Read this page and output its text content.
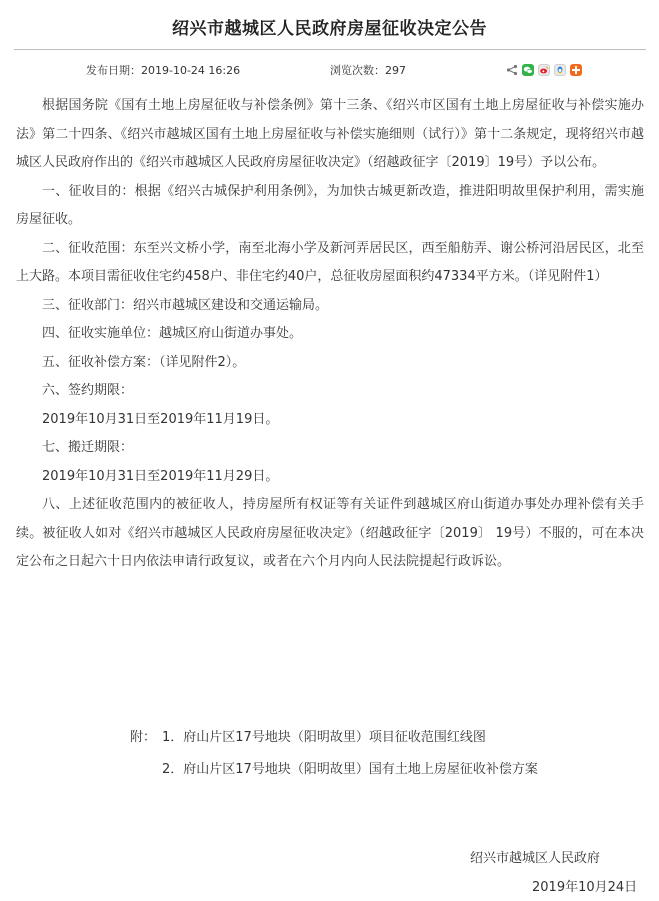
绍兴市越城区人民政府房屋征收决定公告
发布日期：2019-10-24 16:26	浏览次数：297

根据国务院《国有土地上房屋征收与补偿条例》第十三条、《绍兴市区国有土地上房屋征收与补偿实施办法》第二十四条、《绍兴市越城区国有土地上房屋征收与补偿实施细则（试行）》第十二条规定，现将绍兴市越城区人民政府作出的《绍兴市越城区人民政府房屋征收决定》（绍越政征字〔2019〕19号）予以公布。

一、征收目的：根据《绍兴古城保护利用条例》，为加快古城更新改造，推进阳明故里保护利用，需实施房屋征收。

二、征收范围：东至兴文桥小学，南至北海小学及新河弄居民区，西至船舫弄、谢公桥河沿居民区，北至上大路。本项目需征收住宅约458户、非住宅约40户，总征收房屋面积约47334平方米。（详见附件1）

三、征收部门：绍兴市越城区建设和交通运输局。

四、征收实施单位：越城区府山街道办事处。

五、征收补偿方案：（详见附件2）。

六、签约期限：

2019年10月31日至2019年11月19日。

七、搬迁期限：

2019年10月31日至2019年11月29日。

八、上述征收范围内的被征收人，持房屋所有权证等有关证件到越城区府山街道办事处办理补偿有关手续。被征收人如对《绍兴市越城区人民政府房屋征收决定》（绍越政征字〔2019〕 19号）不服的，可在本决定公布之日起六十日内依法申请行政复议，或者在六个月内向人民法院提起行政诉讼。

附： 1．府山片区17号地块（阳明故里）项目征收范围红线图
2．府山片区17号地块（阳明故里）国有土地上房屋征收补偿方案
绍兴市越城区人民政府
2019年10月24日
